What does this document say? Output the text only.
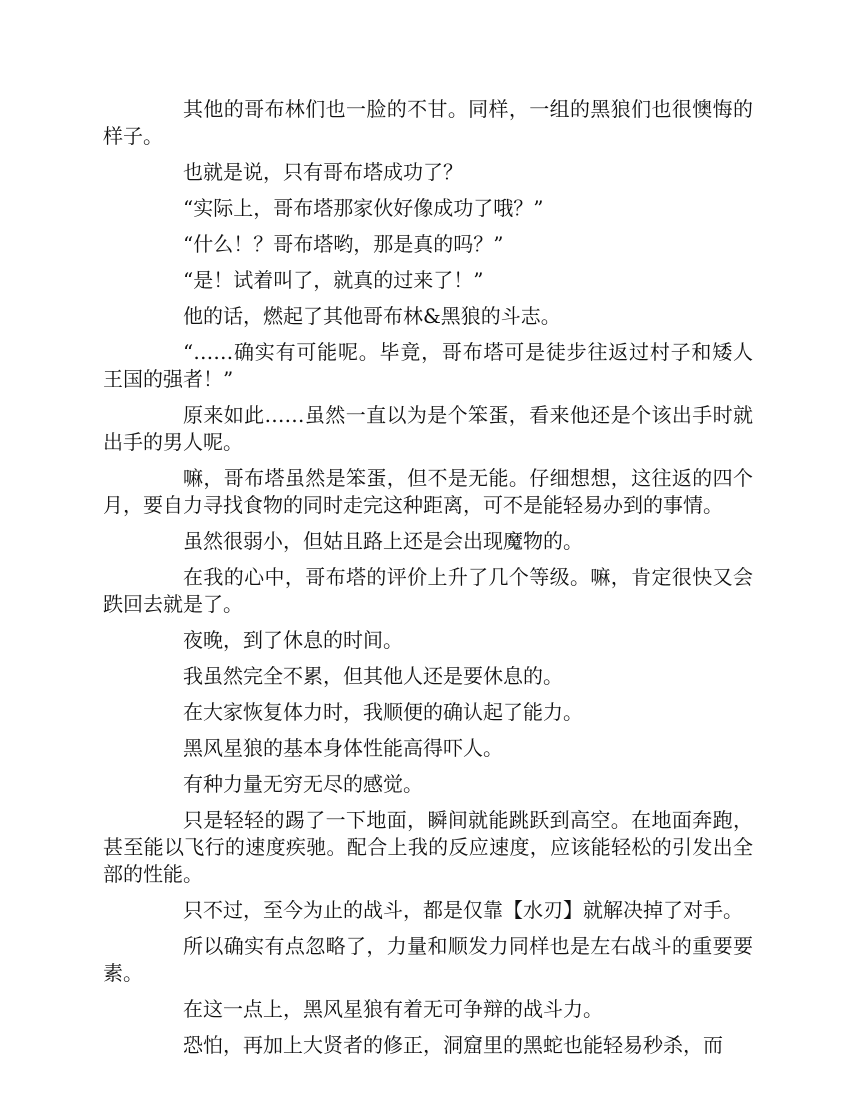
其他的哥布林们也一脸的不甘。同样，一组的黑狼们也很懊悔的样子。

也就是说，只有哥布塔成功了？

“实际上，哥布塔那家伙好像成功了哦？”

“什么！？哥布塔哟，那是真的吗？”

“是！试着叫了，就真的过来了！”

他的话，燃起了其他哥布林&黑狼的斗志。

“……确实有可能呢。毕竟，哥布塔可是徒步往返过村子和矮人王国的强者！”

原来如此……虽然一直以为是个笨蛋，看来他还是个该出手时就出手的男人呢。

嘛，哥布塔虽然是笨蛋，但不是无能。仔细想想，这往返的四个月，要自力寻找食物的同时走完这种距离，可不是能轻易办到的事情。

虽然很弱小，但姑且路上还是会出现魔物的。

在我的心中，哥布塔的评价上升了几个等级。嘛，肯定很快又会跌回去就是了。

夜晚，到了休息的时间。

我虽然完全不累，但其他人还是要休息的。

在大家恢复体力时，我顺便的确认起了能力。

黑风星狼的基本身体性能高得吓人。

有种力量无穷无尽的感觉。

只是轻轻的踢了一下地面，瞬间就能跳跃到高空。在地面奔跑，甚至能以飞行的速度疾驰。配合上我的反应速度，应该能轻松的引发出全部的性能。

只不过，至今为止的战斗，都是仅靠【水刃】就解决掉了对手。

所以确实有点忽略了，力量和顺发力同样也是左右战斗的重要要素。

在这一点上，黑风星狼有着无可争辩的战斗力。

恐怕，再加上大贤者的修正，洞窟里的黑蛇也能轻易秒杀，而
